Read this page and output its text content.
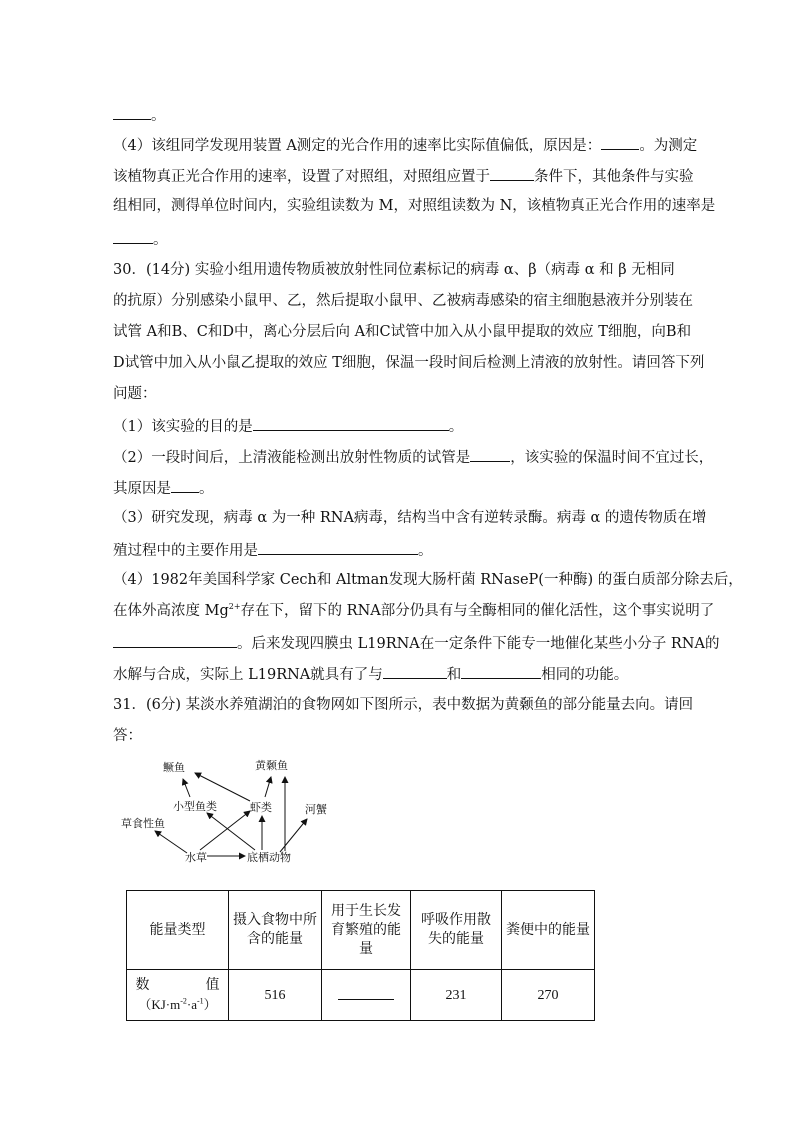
。
（4）该组同学发现用装置 A测定的光合作用的速率比实际值偏低，原因是：	。为测定
该植物真正光合作用的速率，设置了对照组，对照组应置于	条件下，其他条件与实验
组相同，测得单位时间内，实验组读数为 M，对照组读数为 N，该植物真正光合作用的速率是
。
30．(14分) 实验小组用遗传物质被放射性同位素标记的病毒 α、β（病毒 α 和 β 无相同
的抗原）分别感染小鼠甲、乙，然后提取小鼠甲、乙被病毒感染的宿主细胞悬液并分别装在
试管 A和B、C和D中，离心分层后向 A和C试管中加入从小鼠甲提取的效应 T细胞，向B和
D试管中加入从小鼠乙提取的效应 T细胞，保温一段时间后检测上清液的放射性。请回答下列
问题：
（1）该实验的目的是	。
（2）一段时间后，上清液能检测出放射性物质的试管是	，该实验的保温时间不宜过长，
其原因是 。
（3）研究发现，病毒 α 为一种 RNA病毒，结构当中含有逆转录酶。病毒 α 的遗传物质在增
殖过程中的主要作用是	。
（4）1982年美国科学家 Cech和 Altman发现大肠杆菌 RNaseP(一种酶) 的蛋白质部分除去后，
在体外高浓度 $Mg^{2+}$存在下，留下的 RNA部分仍具有与全酶相同的催化活性，这个事实说明了
。后来发现四膜虫 L19RNA在一定条件下能专一地催化某些小分子 RNA的
水解与合成，实际上 L19RNA就具有了与	和	相同的功能。
31．(6分) 某淡水养殖湖泊的食物网如下图所示，表中数据为黄颡鱼的部分能量去向。请回
答：
鳜鱼	黄颡鱼
小型鱼类	虾类	河蟹
草食性鱼
水草	底栖动物
能量类型	摄入食物中所含的能量	用于生长发育繁殖的能量	呼吸作用散失的能量	粪便中的能量

数　　　　值
$(KJ\cdot m^{-2}\cdot a^{-1})$	516		231	270
